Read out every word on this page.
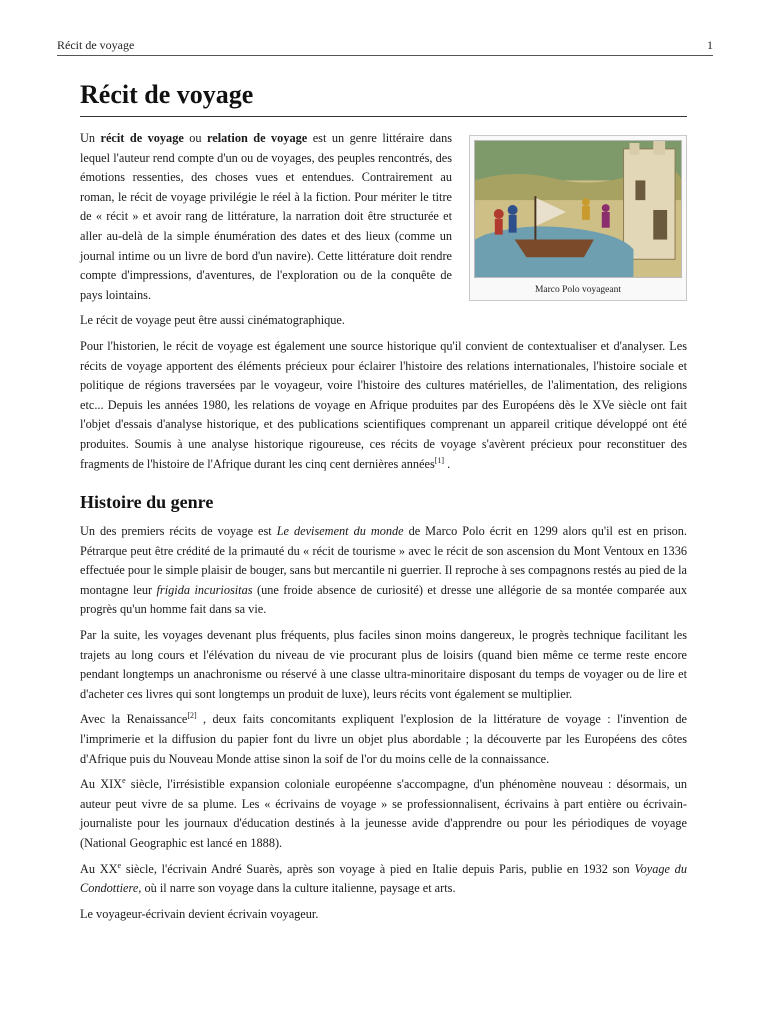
Récit de voyage	1
Récit de voyage
Marco Polo voyageant

Un récit de voyage ou relation de voyage est un genre littéraire dans lequel l'auteur rend compte d'un ou de voyages, des peuples rencontrés, des émotions ressenties, des choses vues et entendues. Contrairement au roman, le récit de voyage privilégie le réel à la fiction. Pour mériter le titre de « récit » et avoir rang de littérature, la narration doit être structurée et aller au-delà de la simple énumération des dates et des lieux (comme un journal intime ou un livre de bord d'un navire). Cette littérature doit rendre compte d'impressions, d'aventures, de l'exploration ou de la conquête de pays lointains.

Le récit de voyage peut être aussi cinématographique.

Pour l'historien, le récit de voyage est également une source historique qu'il convient de contextualiser et d'analyser. Les récits de voyage apportent des éléments précieux pour éclairer l'histoire des relations internationales, l'histoire sociale et politique de régions traversées par le voyageur, voire l'histoire des cultures matérielles, de l'alimentation, des religions etc... Depuis les années 1980, les relations de voyage en Afrique produites par des Européens dès le XVe siècle ont fait l'objet d'essais d'analyse historique, et des publications scientifiques comprenant un appareil critique développé ont été produites. Soumis à une analyse historique rigoureuse, ces récits de voyage s'avèrent précieux pour reconstituer des fragments de l'histoire de l'Afrique durant les cinq cent dernières années[1] .

Histoire du genre

Un des premiers récits de voyage est Le devisement du monde de Marco Polo écrit en 1299 alors qu'il est en prison. Pétrarque peut être crédité de la primauté du « récit de tourisme » avec le récit de son ascension du Mont Ventoux en 1336 effectuée pour le simple plaisir de bouger, sans but mercantile ni guerrier. Il reproche à ses compagnons restés au pied de la montagne leur frigida incuriositas (une froide absence de curiosité) et dresse une allégorie de sa montée comparée aux progrès qu'un homme fait dans sa vie.

Par la suite, les voyages devenant plus fréquents, plus faciles sinon moins dangereux, le progrès technique facilitant les trajets au long cours et l'élévation du niveau de vie procurant plus de loisirs (quand bien même ce terme reste encore pendant longtemps un anachronisme ou réservé à une classe ultra-minoritaire disposant du temps de voyager ou de lire et d'acheter ces livres qui sont longtemps un produit de luxe), leurs récits vont également se multiplier.

Avec la Renaissance[2] , deux faits concomitants expliquent l'explosion de la littérature de voyage : l'invention de l'imprimerie et la diffusion du papier font du livre un objet plus abordable ; la découverte par les Européens des côtes d'Afrique puis du Nouveau Monde attise sinon la soif de l'or du moins celle de la connaissance.

Au XIXe siècle, l'irrésistible expansion coloniale européenne s'accompagne, d'un phénomène nouveau : désormais, un auteur peut vivre de sa plume. Les « écrivains de voyage » se professionnalisent, écrivains à part entière ou écrivain-journaliste pour les journaux d'éducation destinés à la jeunesse avide d'apprendre ou pour les périodiques de voyage (National Geographic est lancé en 1888).

Au XXe siècle, l'écrivain André Suarès, après son voyage à pied en Italie depuis Paris, publie en 1932 son Voyage du Condottiere, où il narre son voyage dans la culture italienne, paysage et arts.

Le voyageur-écrivain devient écrivain voyageur.
